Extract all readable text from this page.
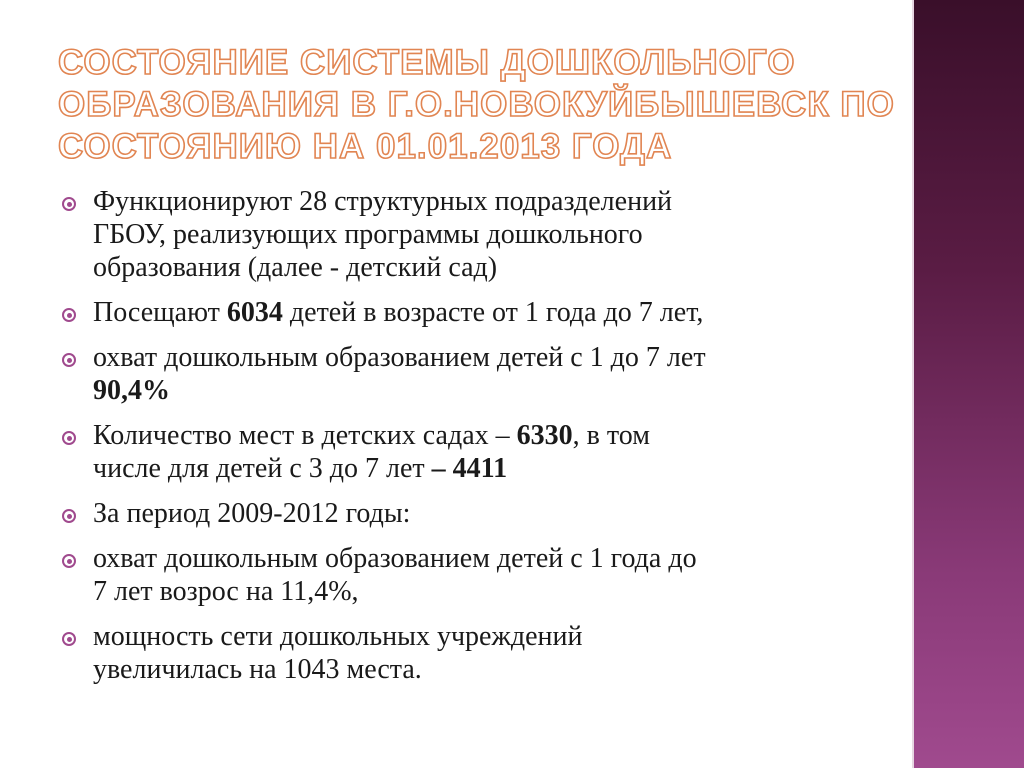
СОСТОЯНИЕ СИСТЕМЫ ДОШКОЛЬНОГО
ОБРАЗОВАНИЯ В Г.О.НОВОКУЙБЫШЕВСК ПО
СОСТОЯНИЮ НА 01.01.2013 ГОДА
Функционируют 28 структурных подразделений
ГБОУ, реализующих программы дошкольного
образования (далее - детский сад)
Посещают 6034 детей в возрасте от 1 года до 7 лет,
охват дошкольным образованием детей с 1 до 7 лет
90,4%
Количество мест в детских садах – 6330, в том
числе для детей с 3 до 7 лет – 4411
За период 2009-2012 годы:
охват дошкольным образованием детей с 1 года до
7 лет возрос на 11,4%,
мощность сети дошкольных учреждений
увеличилась на 1043 места.
